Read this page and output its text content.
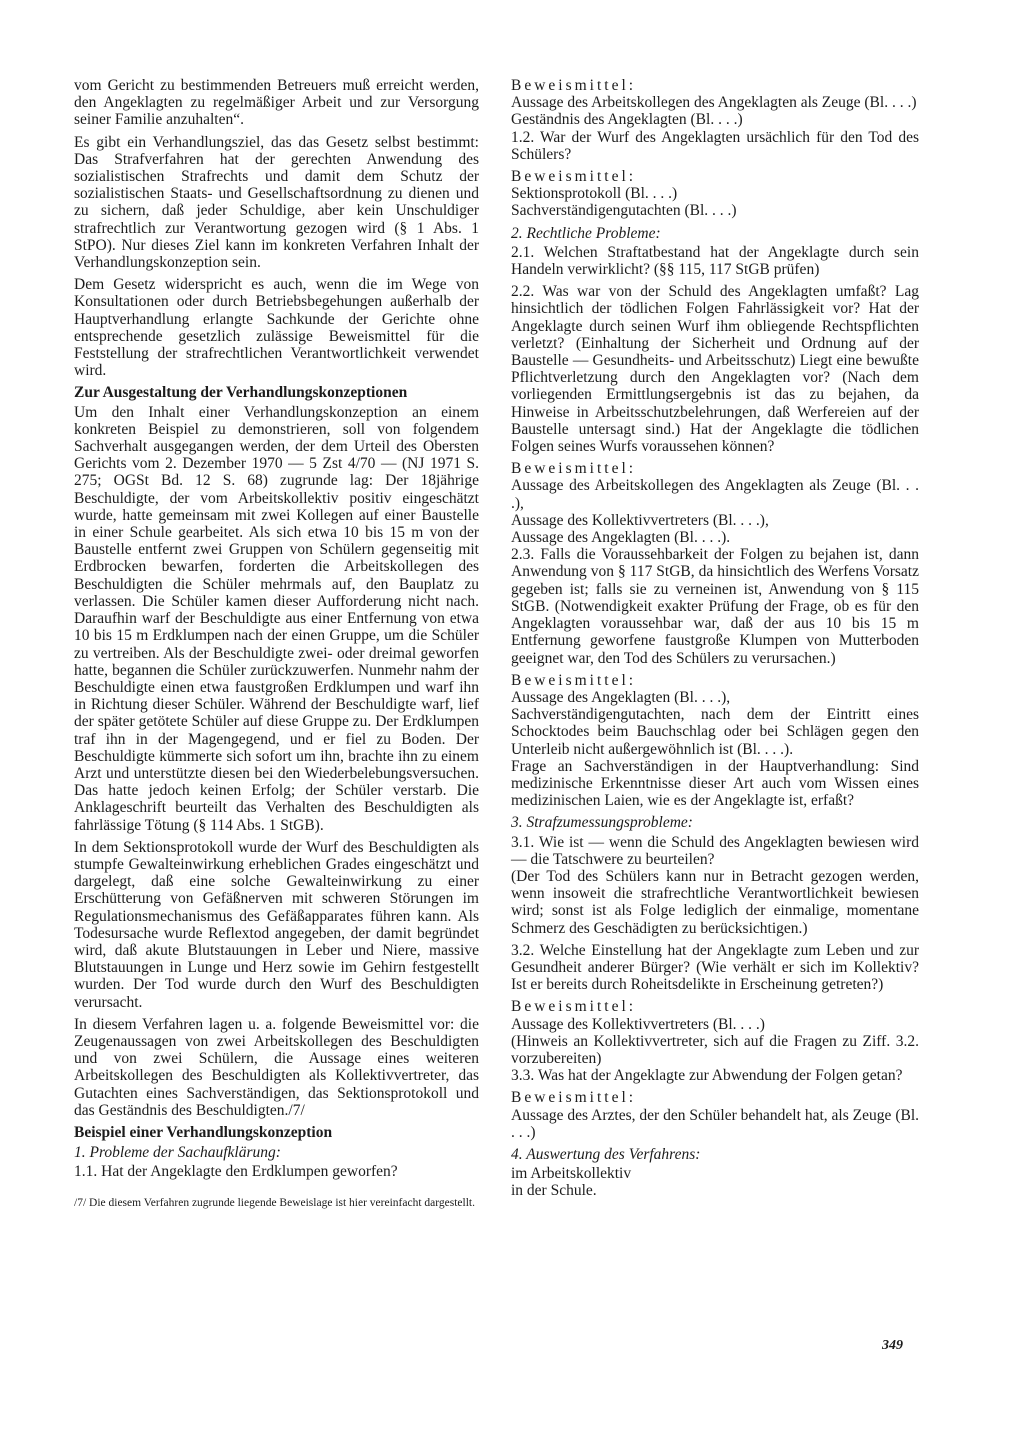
vom Gericht zu bestimmenden Betreuers muß erreicht werden, den Angeklagten zu regelmäßiger Arbeit und zur Versorgung seiner Familie anzuhalten“.

Es gibt ein Verhandlungsziel, das das Gesetz selbst bestimmt: Das Strafverfahren hat der gerechten Anwendung des sozialistischen Strafrechts und damit dem Schutz der sozialistischen Staats- und Gesellschaftsordnung zu dienen und zu sichern, daß jeder Schuldige, aber kein Unschuldiger strafrechtlich zur Verantwortung gezogen wird (§ 1 Abs. 1 StPO). Nur dieses Ziel kann im konkreten Verfahren Inhalt der Verhandlungskonzeption sein.

Dem Gesetz widerspricht es auch, wenn die im Wege von Konsultationen oder durch Betriebsbegehungen außerhalb der Hauptverhandlung erlangte Sachkunde der Gerichte ohne entsprechende gesetzlich zulässige Beweismittel für die Feststellung der strafrechtlichen Verantwortlichkeit verwendet wird.

Zur Ausgestaltung der Verhandlungskonzeptionen

Um den Inhalt einer Verhandlungskonzeption an einem konkreten Beispiel zu demonstrieren, soll von folgendem Sachverhalt ausgegangen werden, der dem Urteil des Obersten Gerichts vom 2. Dezember 1970 — 5 Zst 4/70 — (NJ 1971 S. 275; OGSt Bd. 12 S. 68) zugrunde lag: Der 18jährige Beschuldigte, der vom Arbeitskollektiv positiv eingeschätzt wurde, hatte gemeinsam mit zwei Kollegen auf einer Baustelle in einer Schule gearbeitet. Als sich etwa 10 bis 15 m von der Baustelle entfernt zwei Gruppen von Schülern gegenseitig mit Erdbrocken bewarfen, forderten die Arbeitskollegen des Beschuldigten die Schüler mehrmals auf, den Bauplatz zu verlassen. Die Schüler kamen dieser Aufforderung nicht nach. Daraufhin warf der Beschuldigte aus einer Entfernung von etwa 10 bis 15 m Erdklumpen nach der einen Gruppe, um die Schüler zu vertreiben. Als der Beschuldigte zwei- oder dreimal geworfen hatte, begannen die Schüler zurückzuwerfen. Nunmehr nahm der Beschuldigte einen etwa faustgroßen Erdklumpen und warf ihn in Richtung dieser Schüler. Während der Beschuldigte warf, lief der später getötete Schüler auf diese Gruppe zu. Der Erdklumpen traf ihn in der Magengegend, und er fiel zu Boden. Der Beschuldigte kümmerte sich sofort um ihn, brachte ihn zu einem Arzt und unterstützte diesen bei den Wiederbelebungsversuchen. Das hatte jedoch keinen Erfolg; der Schüler verstarb. Die Anklageschrift beurteilt das Verhalten des Beschuldigten als fahrlässige Tötung (§ 114 Abs. 1 StGB).

In dem Sektionsprotokoll wurde der Wurf des Beschuldigten als stumpfe Gewalteinwirkung erheblichen Grades eingeschätzt und dargelegt, daß eine solche Gewalteinwirkung zu einer Erschütterung von Gefäßnerven mit schweren Störungen im Regulationsmechanismus des Gefäßapparates führen kann. Als Todesursache wurde Reflextod angegeben, der damit begründet wird, daß akute Blutstauungen in Leber und Niere, massive Blutstauungen in Lunge und Herz sowie im Gehirn festgestellt wurden. Der Tod wurde durch den Wurf des Beschuldigten verursacht.

In diesem Verfahren lagen u. a. folgende Beweismittel vor: die Zeugenaussagen von zwei Arbeitskollegen des Beschuldigten und von zwei Schülern, die Aussage eines weiteren Arbeitskollegen des Beschuldigten als Kollektivvertreter, das Gutachten eines Sachverständigen, das Sektionsprotokoll und das Geständnis des Beschuldigten./7/

Beispiel einer Verhandlungskonzeption

1. Probleme der Sachaufklärung:

1.1. Hat der Angeklagte den Erdklumpen geworfen?

/7/ Die diesem Verfahren zugrunde liegende Beweislage ist hier vereinfacht dargestellt.

Beweismittel:

Aussage des Arbeitskollegen des Angeklagten als Zeuge (Bl. . . .)

Geständnis des Angeklagten (Bl. . . .)

1.2. War der Wurf des Angeklagten ursächlich für den Tod des Schülers?

Beweismittel:

Sektionsprotokoll (Bl. . . .)

Sachverständigengutachten (Bl. . . .)

2. Rechtliche Probleme:

2.1. Welchen Straftatbestand hat der Angeklagte durch sein Handeln verwirklicht? (§§ 115, 117 StGB prüfen)

2.2. Was war von der Schuld des Angeklagten umfaßt? Lag hinsichtlich der tödlichen Folgen Fahrlässigkeit vor? Hat der Angeklagte durch seinen Wurf ihm obliegende Rechtspflichten verletzt? (Einhaltung der Sicherheit und Ordnung auf der Baustelle — Gesundheits- und Arbeitsschutz) Liegt eine bewußte Pflichtverletzung durch den Angeklagten vor? (Nach dem vorliegenden Ermittlungsergebnis ist das zu bejahen, da Hinweise in Arbeitsschutzbelehrungen, daß Werfereien auf der Baustelle untersagt sind.) Hat der Angeklagte die tödlichen Folgen seines Wurfs voraussehen können?

Beweismittel:

Aussage des Arbeitskollegen des Angeklagten als Zeuge (Bl. . . .),

Aussage des Kollektivvertreters (Bl. . . .),

Aussage des Angeklagten (Bl. . . .).

2.3. Falls die Voraussehbarkeit der Folgen zu bejahen ist, dann Anwendung von § 117 StGB, da hinsichtlich des Werfens Vorsatz gegeben ist; falls sie zu verneinen ist, Anwendung von § 115 StGB. (Notwendigkeit exakter Prüfung der Frage, ob es für den Angeklagten voraussehbar war, daß der aus 10 bis 15 m Entfernung geworfene faustgroße Klumpen von Mutterboden geeignet war, den Tod des Schülers zu verursachen.)

Beweismittel:

Aussage des Angeklagten (Bl. . . .),

Sachverständigengutachten, nach dem der Eintritt eines Schocktodes beim Bauchschlag oder bei Schlägen gegen den Unterleib nicht außergewöhnlich ist (Bl. . . .).

Frage an Sachverständigen in der Hauptverhandlung: Sind medizinische Erkenntnisse dieser Art auch vom Wissen eines medizinischen Laien, wie es der Angeklagte ist, erfaßt?

3. Strafzumessungsprobleme:

3.1. Wie ist — wenn die Schuld des Angeklagten bewiesen wird — die Tatschwere zu beurteilen?

(Der Tod des Schülers kann nur in Betracht gezogen werden, wenn insoweit die strafrechtliche Verantwortlichkeit bewiesen wird; sonst ist als Folge lediglich der einmalige, momentane Schmerz des Geschädigten zu berücksichtigen.)

3.2. Welche Einstellung hat der Angeklagte zum Leben und zur Gesundheit anderer Bürger? (Wie verhält er sich im Kollektiv? Ist er bereits durch Roheitsdelikte in Erscheinung getreten?)

Beweismittel:

Aussage des Kollektivvertreters (Bl. . . .)

(Hinweis an Kollektivvertreter, sich auf die Fragen zu Ziff. 3.2. vorzubereiten)

3.3. Was hat der Angeklagte zur Abwendung der Folgen getan?

Beweismittel:

Aussage des Arztes, der den Schüler behandelt hat, als Zeuge (Bl. . . .)

4. Auswertung des Verfahrens:

im Arbeitskollektiv

in der Schule.

349
